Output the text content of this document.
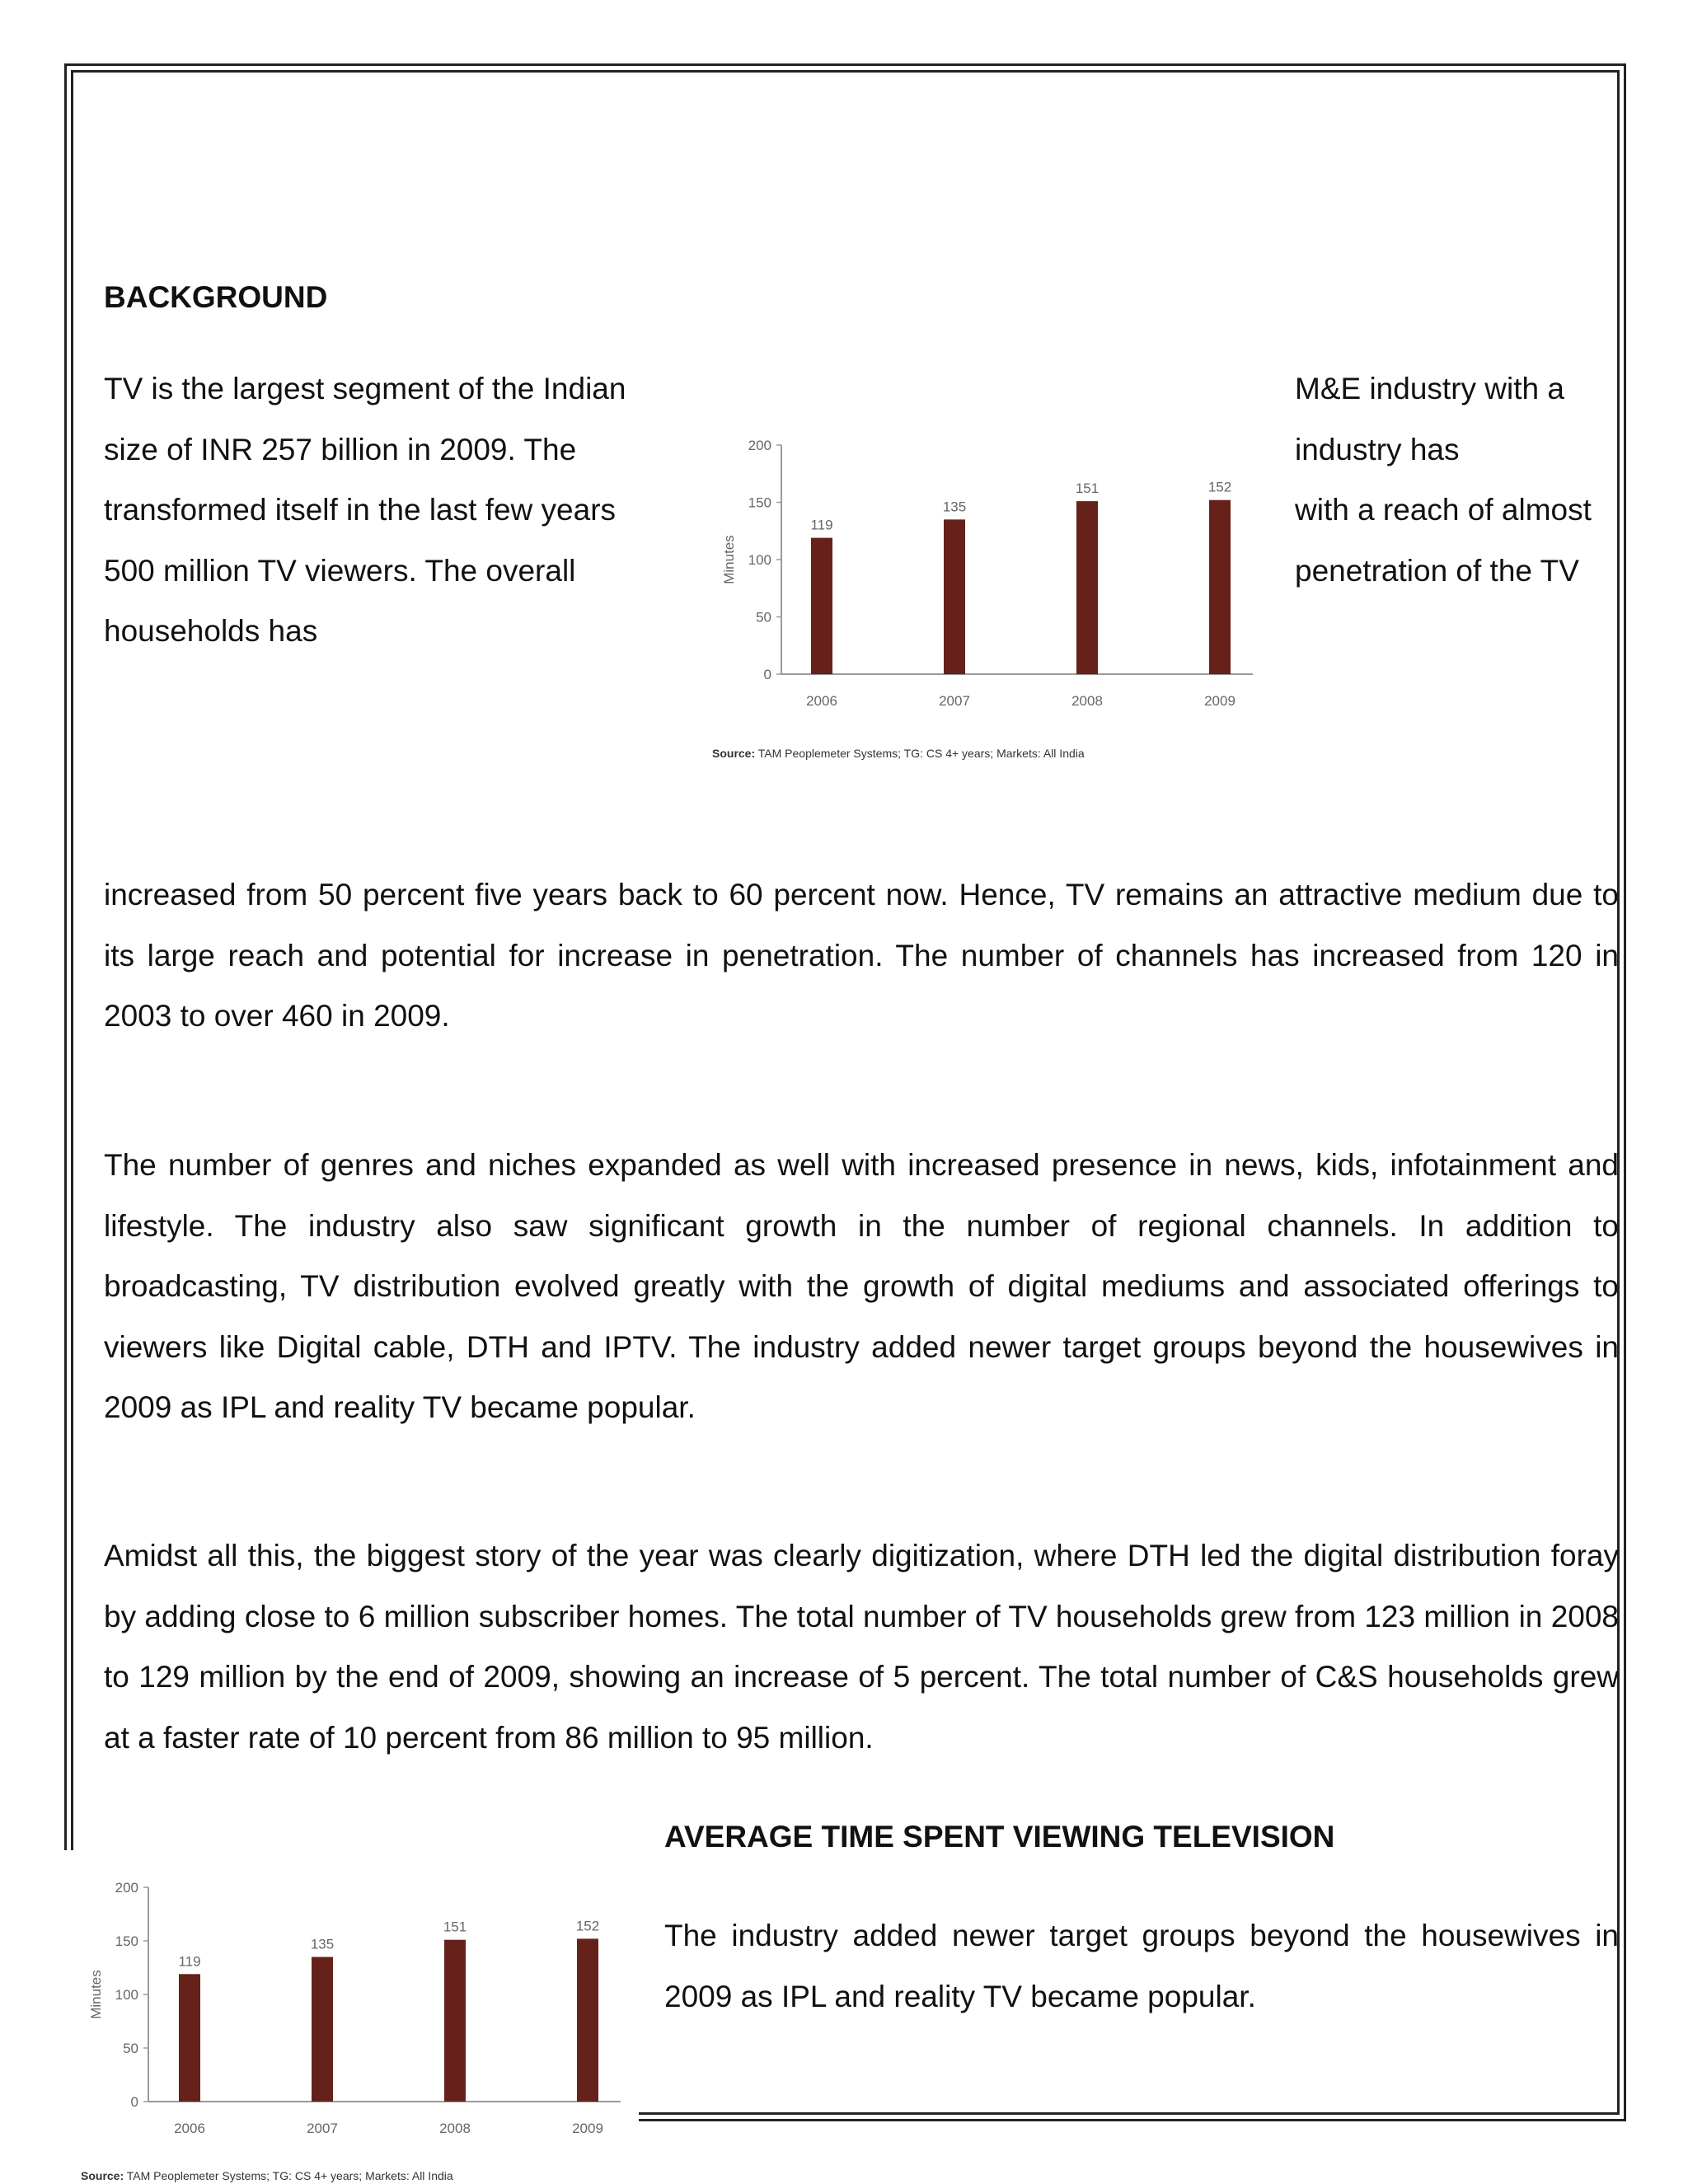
BACKGROUND
TV is the largest segment of the Indian
size of INR 257 billion in 2009. The
transformed itself in the last few years
500 million TV viewers. The overall
households has
M&E industry with a
industry has
with a reach of almost
penetration of the TV
0
50
100
150
200
Minutes
119
2006
135
2007
151
2008
152
2009
Source: TAM Peoplemeter Systems; TG: CS 4+ years; Markets: All India
increased from 50 percent five years back to 60 percent now. Hence, TV remains an attractive medium due to its large reach and potential for increase in penetration. The number of channels has increased from 120 in 2003 to over 460 in 2009.
The number of genres and niches expanded as well with increased presence in news, kids, infotainment and lifestyle. The industry also saw significant growth in the number of regional channels. In addition to broadcasting, TV distribution evolved greatly with the growth of digital mediums and associated offerings to viewers like Digital cable, DTH and IPTV. The industry added newer target groups beyond the housewives in 2009 as IPL and reality TV became popular.
Amidst all this, the biggest story of the year was clearly digitization, where DTH led the digital distribution foray by adding close to 6 million subscriber homes. The total number of TV households grew from 123 million in 2008 to 129 million by the end of 2009, showing an increase of 5 percent. The total number of C&S households grew at a faster rate of 10 percent from 86 million to 95 million.
AVERAGE TIME SPENT VIEWING TELEVISION
The industry added newer target groups beyond the housewives in 2009 as IPL and reality TV became popular.
0
50
100
150
200
Minutes
119
2006
135
2007
151
2008
152
2009
Source: TAM Peoplemeter Systems; TG: CS 4+ years; Markets: All India
